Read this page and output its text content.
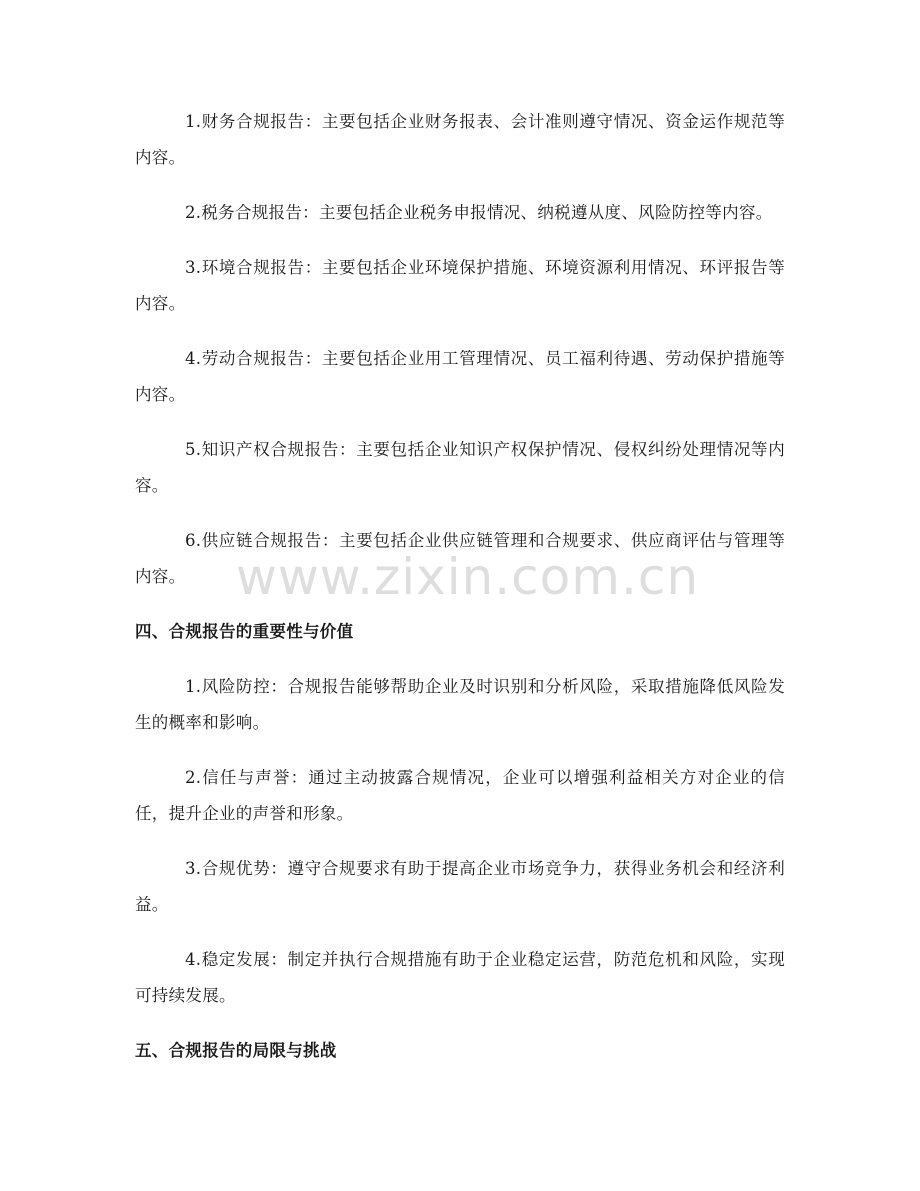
1.财务合规报告：主要包括企业财务报表、会计准则遵守情况、资金运作规范等内容。

2.税务合规报告：主要包括企业税务申报情况、纳税遵从度、风险防控等内容。

3.环境合规报告：主要包括企业环境保护措施、环境资源利用情况、环评报告等内容。

4.劳动合规报告：主要包括企业用工管理情况、员工福利待遇、劳动保护措施等内容。

5.知识产权合规报告：主要包括企业知识产权保护情况、侵权纠纷处理情况等内容。

6.供应链合规报告：主要包括企业供应链管理和合规要求、供应商评估与管理等内容。

四、合规报告的重要性与价值

1.风险防控：合规报告能够帮助企业及时识别和分析风险，采取措施降低风险发生的概率和影响。

2.信任与声誉：通过主动披露合规情况，企业可以增强利益相关方对企业的信任，提升企业的声誉和形象。

3.合规优势：遵守合规要求有助于提高企业市场竞争力，获得业务机会和经济利益。

4.稳定发展：制定并执行合规措施有助于企业稳定运营，防范危机和风险，实现可持续发展。

五、合规报告的局限与挑战
www.zixin.com.cn
